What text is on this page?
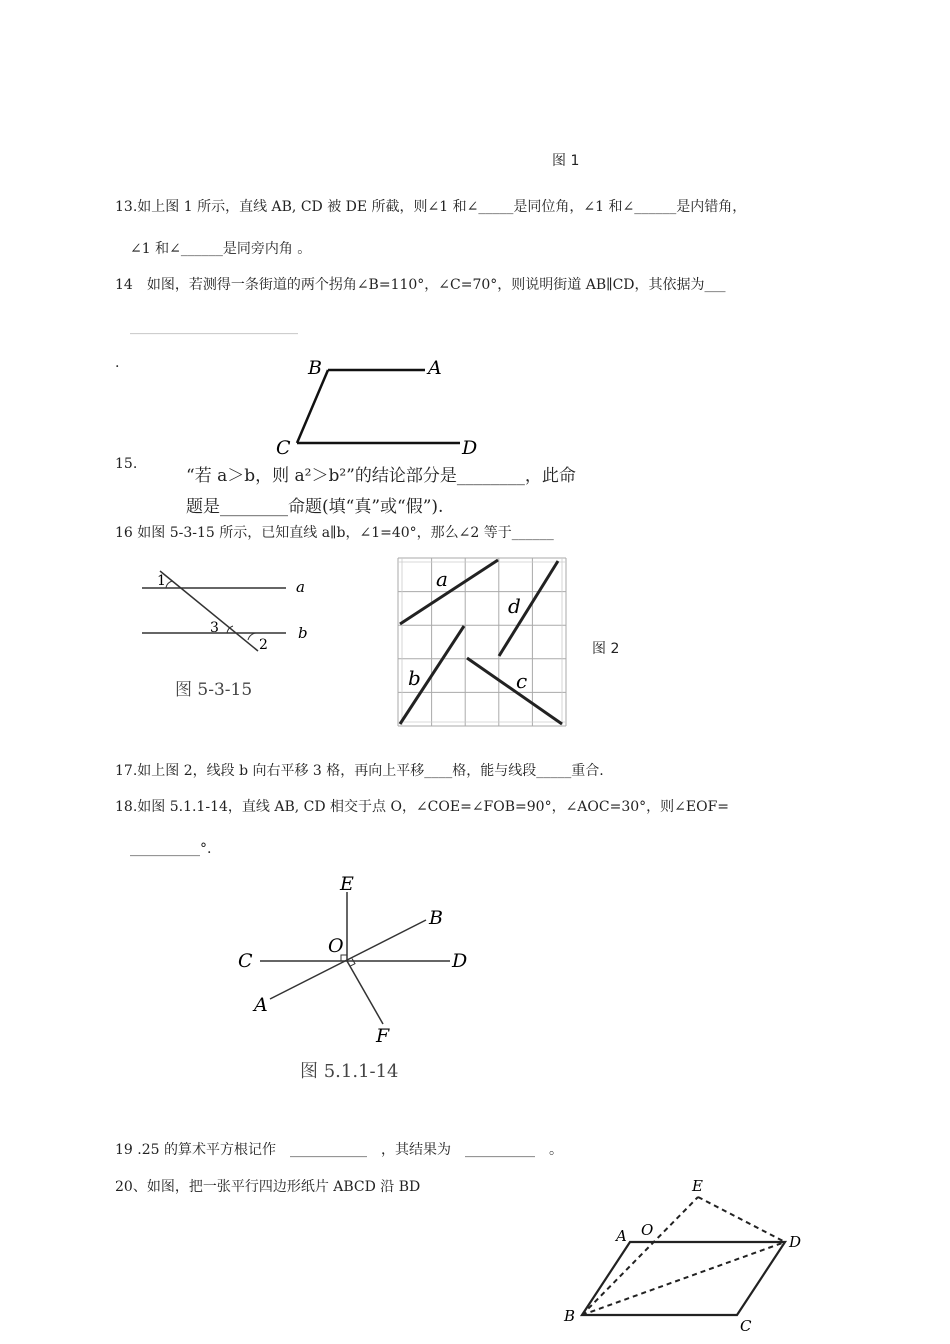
图 1
13.如上图 1 所示，直线 AB, CD 被 DE 所截，则∠1 和∠_____是同位角，∠1 和∠______是内错角，
∠1 和∠______是同旁内角 。
14　如图，若测得一条街道的两个拐角∠B=110°，∠C=70°，则说明街道 AB∥CD，其依据为___
________________________
.	B	A
C	D
15.
“若 a＞b，则 a²＞b²”的结论部分是________，此命
题是________命题(填“真”或“假”).
16 如图 5-3-15 所示，已知直线 a∥b，∠1=40°，那么∠2 等于______
1
3
2
a
b
图 5-3-15
a
d
b	c
图 2
17.如上图 2，线段 b 向右平移 3 格，再向上平移____格，能与线段_____重合.
18.如图 5.1.1-14，直线 AB, CD 相交于点 O，∠COE=∠FOB=90°，∠AOC=30°，则∠EOF=
__________°.
E
B
O
C	D
A
F
图 5.1.1-14
19 .25 的算术平方根记作　___________　，其结果为　__________　。
20、如图，把一张平行四边形纸片 ABCD 沿 BD	E
A O
D
B
C
